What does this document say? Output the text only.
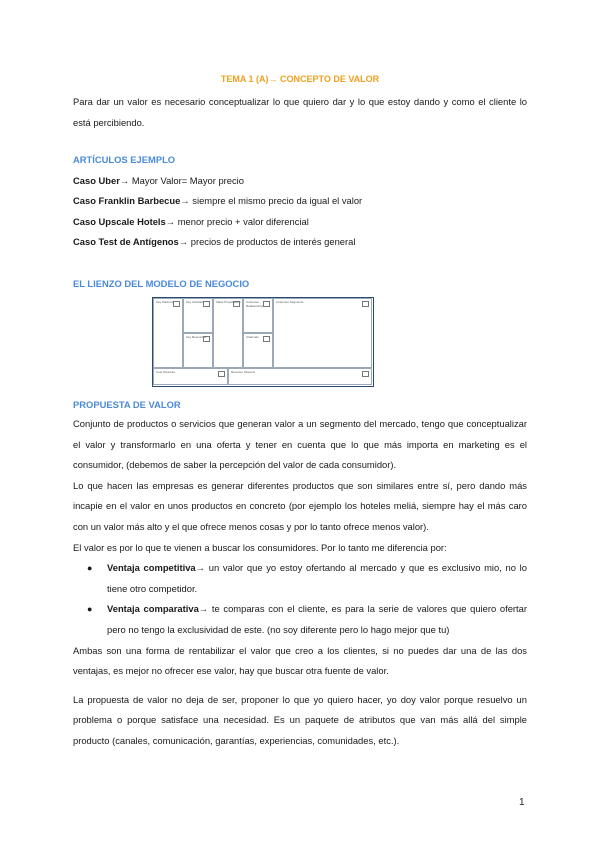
TEMA 1 (A)→ CONCEPTO DE VALOR
Para dar un valor es necesario conceptualizar lo que quiero dar y lo que estoy dando y como el cliente lo está percibiendo.
ARTÍCULOS EJEMPLO
Caso Uber→ Mayor Valor= Mayor precio
Caso Franklin Barbecue→ siempre el mismo precio da igual el valor
Caso Upscale Hotels→ menor precio + valor diferencial
Caso Test de Antígenos→ precios de productos de interés general
EL LIENZO DEL MODELO DE NEGOCIO
PROPUESTA DE VALOR
Conjunto de productos o servicios que generan valor a un segmento del mercado, tengo que conceptualizar el valor y transformarlo en una oferta y tener en cuenta que lo que más importa en marketing es el consumidor, (debemos de saber la percepción del valor de cada consumidor).
Lo que hacen las empresas es generar diferentes productos que son similares entre sí, pero dando más incapie en el valor en unos productos en concreto (por ejemplo los hoteles meliá, siempre hay el más caro con un valor más alto y el que ofrece menos cosas y por lo tanto ofrece menos valor).
El valor es por lo que te vienen a buscar los consumidores. Por lo tanto me diferencia por:
● Ventaja competitiva→ un valor que yo estoy ofertando al mercado y que es exclusivo mio, no lo tiene otro competidor.
● Ventaja comparativa→ te comparas con el cliente, es para la serie de valores que quiero ofertar pero no tengo la exclusividad de este. (no soy diferente pero lo hago mejor que tu)
Ambas son una forma de rentabilizar el valor que creo a los clientes, si no puedes dar una de las dos ventajas, es mejor no ofrecer ese valor, hay que buscar otra fuente de valor.
La propuesta de valor no deja de ser, proponer lo que yo quiero hacer, yo doy valor porque resuelvo un problema o porque satisface una necesidad. Es un paquete de atributos que van más allá del simple producto (canales, comunicación, garantías, experiencias, comunidades, etc.).
Key Partners	Key Activities
Key Resources
Value Propositions Customer Relationships
Channels
Customer Segments
Cost Structure	Revenue Streams
1
